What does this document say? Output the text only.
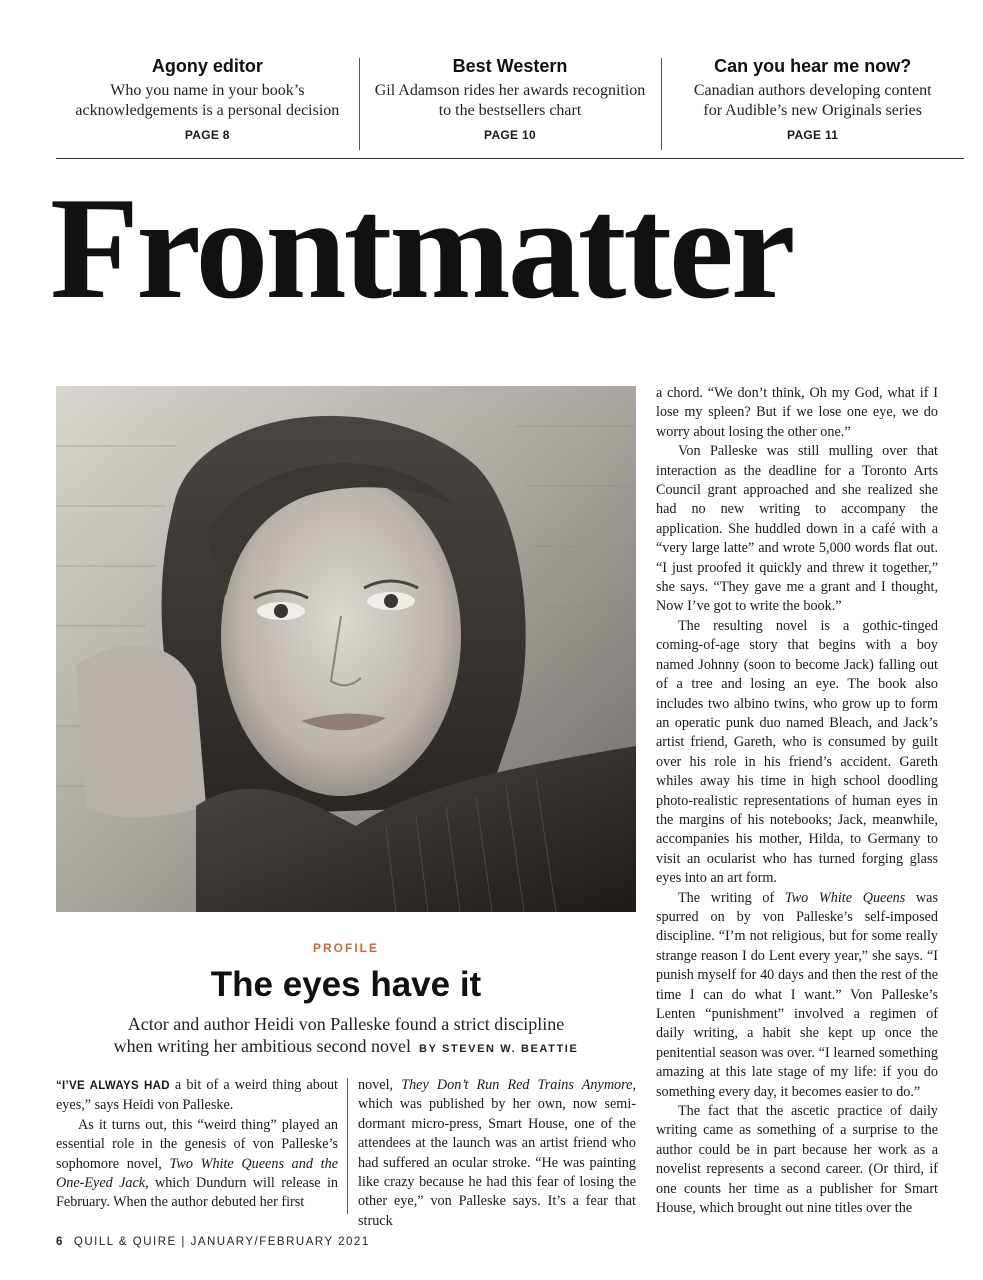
Agony editor

Who you name in your book’s
acknowledgements is a personal decision

PAGE 8
Best Western

Gil Adamson rides her awards recognition
to the bestsellers chart

PAGE 10
Can you hear me now?

Canadian authors developing content
for Audible’s new Originals series

PAGE 11
Frontmatter
PROFILE
The eyes have it
Actor and author Heidi von Palleske found a strict discipline
when writing her ambitious second novel BY STEVEN W. BEATTIE

“I’VE ALWAYS HAD a bit of a weird thing about eyes,” says Heidi von Palleske.

As it turns out, this “weird thing” played an essential role in the genesis of von Palleske’s sophomore novel, Two White Queens and the One-Eyed Jack, which Dundurn will release in February. When the author debuted her first

novel, They Don’t Run Red Trains Anymore, which was published by her own, now semi-dormant micro-press, Smart House, one of the attendees at the launch was an artist friend who had suffered an ocular stroke. “He was painting like crazy because he had this fear of losing the other eye,” von Palleske says. It’s a fear that struck

a chord. “We don’t think, Oh my God, what if I lose my spleen? But if we lose one eye, we do worry about losing the other one.”

Von Palleske was still mulling over that interaction as the deadline for a Toronto Arts Council grant approached and she realized she had no new writing to accompany the application. She huddled down in a café with a “very large latte” and wrote 5,000 words flat out. “I just proofed it quickly and threw it together,” she says. “They gave me a grant and I thought, Now I’ve got to write the book.”

The resulting novel is a gothic-tinged coming-of-age story that begins with a boy named Johnny (soon to become Jack) falling out of a tree and losing an eye. The book also includes two albino twins, who grow up to form an operatic punk duo named Bleach, and Jack’s artist friend, Gareth, who is consumed by guilt over his role in his friend’s accident. Gareth whiles away his time in high school doodling photo-realistic representations of human eyes in the margins of his notebooks; Jack, meanwhile, accompanies his mother, Hilda, to Germany to visit an ocularist who has turned forging glass eyes into an art form.

The writing of Two White Queens was spurred on by von Palleske’s self-imposed discipline. “I’m not religious, but for some really strange reason I do Lent every year,” she says. “I punish myself for 40 days and then the rest of the time I can do what I want.” Von Palleske’s Lenten “punishment” involved a regimen of daily writing, a habit she kept up once the penitential season was over. “I learned something amazing at this late stage of my life: if you do something every day, it becomes easier to do.”

The fact that the ascetic practice of daily writing came as something of a surprise to the author could be in part because her work as a novelist represents a second career. (Or third, if one counts her time as a publisher for Smart House, which brought out nine titles over the

6 QUILL & QUIRE | JANUARY/FEBRUARY 2021
